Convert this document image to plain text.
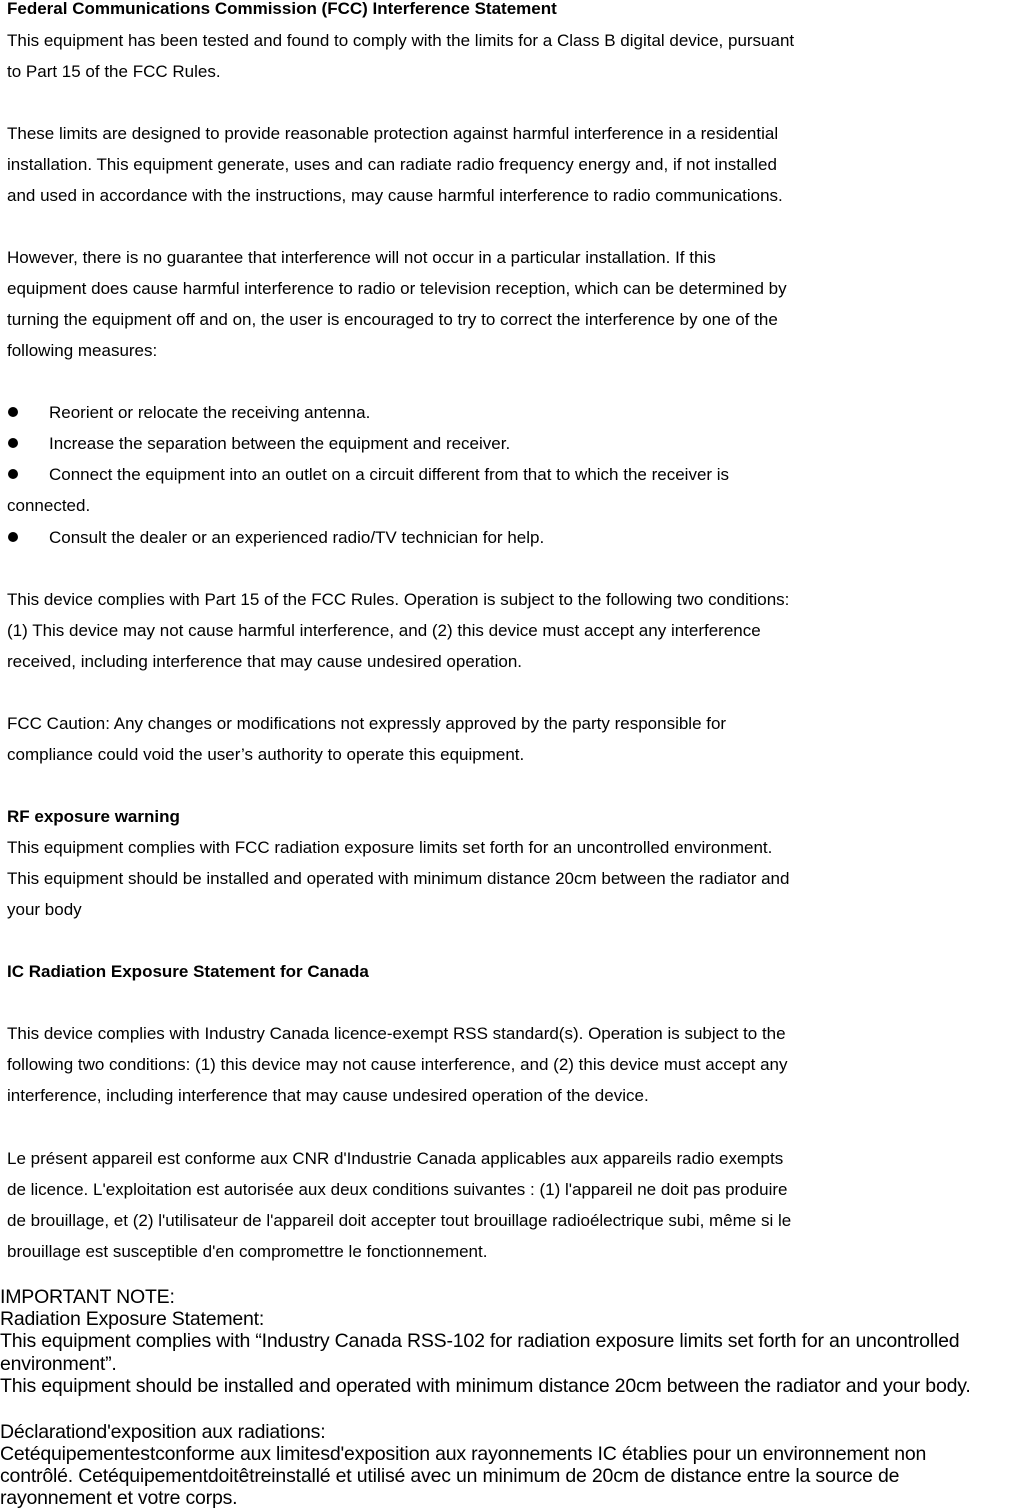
Federal Communications Commission (FCC) Interference Statement
This equipment has been tested and found to comply with the limits for a Class B digital device, pursuant
to Part 15 of the FCC Rules.
These limits are designed to provide reasonable protection against harmful interference in a residential
installation. This equipment generate, uses and can radiate radio frequency energy and, if not installed
and used in accordance with the instructions, may cause harmful interference to radio communications.
However, there is no guarantee that interference will not occur in a particular installation. If this
equipment does cause harmful interference to radio or television reception, which can be determined by
turning the equipment off and on, the user is encouraged to try to correct the interference by one of the
following measures:
Reorient or relocate the receiving antenna.
Increase the separation between the equipment and receiver.
Connect the equipment into an outlet on a circuit different from that to which the receiver is
connected.
Consult the dealer or an experienced radio/TV technician for help.
This device complies with Part 15 of the FCC Rules. Operation is subject to the following two conditions:
(1) This device may not cause harmful interference, and (2) this device must accept any interference
received, including interference that may cause undesired operation.
FCC Caution: Any changes or modifications not expressly approved by the party responsible for
compliance could void the user’s authority to operate this equipment.
RF exposure warning
This equipment complies with FCC radiation exposure limits set forth for an uncontrolled environment.
This equipment should be installed and operated with minimum distance 20cm between the radiator and
your body
IC Radiation Exposure Statement for Canada
This device complies with Industry Canada licence-exempt RSS standard(s). Operation is subject to the
following two conditions: (1) this device may not cause interference, and (2) this device must accept any
interference, including interference that may cause undesired operation of the device.
Le présent appareil est conforme aux CNR d'Industrie Canada applicables aux appareils radio exempts
de licence. L'exploitation est autorisée aux deux conditions suivantes : (1) l'appareil ne doit pas produire
de brouillage, et (2) l'utilisateur de l'appareil doit accepter tout brouillage radioélectrique subi, même si le
brouillage est susceptible d'en compromettre le fonctionnement.
IMPORTANT NOTE:
Radiation Exposure Statement:
This equipment complies with “Industry Canada RSS-102 for radiation exposure limits set forth for an uncontrolled
environment”.
This equipment should be installed and operated with minimum distance 20cm between the radiator and your body.
Déclarationd'exposition aux radiations:
Cetéquipementestconforme aux limitesd'exposition aux rayonnements IC établies pour un environnement non
contrôlé. Cetéquipementdoitêtreinstallé et utilisé avec un minimum de 20cm de distance entre la source de
rayonnement et votre corps.
